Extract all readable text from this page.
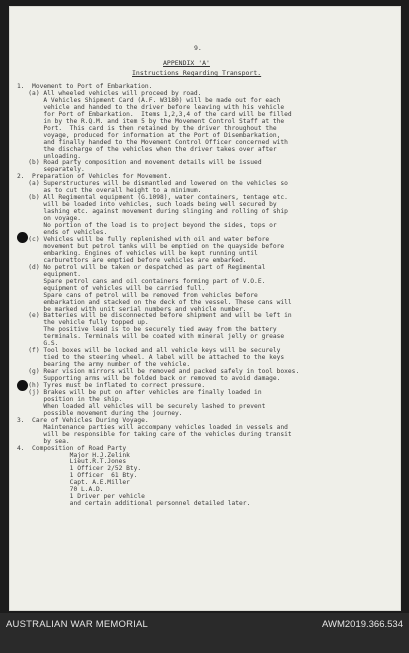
9.
APPENDIX 'A'
Instructions Regarding Transport.

1.  Movement to Port of Embarkation.

(a) All wheeled vehicles will proceed by road.

A Vehicles Shipment Card (A.F. W3180) will be made out for each

vehicle and handed to the driver before leaving with his vehicle

for Port of Embarkation.  Items 1,2,3,4 of the card will be filled

in by the R.Q.M. and item 5 by the Movement Control Staff at the

Port.  This card is then retained by the driver throughout the

voyage, produced for information at the Port of Disembarkation,

and finally handed to the Movement Control Officer concerned with

the discharge of the vehicles when the driver takes over after

unloading.

(b) Road party composition and movement details will be issued

separately.

2.  Preparation of Vehicles for Movement.

(a) Superstructures will be dismantled and lowered on the vehicles so

as to cut the overall height to a minimum.

(b) All Regimental equipment (G.1098), water containers, tentage etc.

will be loaded into vehicles, such loads being well secured by

lashing etc. against movement during slinging and rolling of ship

on voyage.

No portion of the load is to project beyond the sides, tops or

ends of vehicles.

(c) Vehicles will be fully replenished with oil and water before

movement but petrol tanks will be emptied on the quayside before

embarking. Engines of vehicles will be kept running until

carburettors are emptied before vehicles are embarked.

(d) No petrol will be taken or despatched as part of Regimental

equipment.

Spare petrol cans and oil containers forming part of V.O.E.

equipment of vehicles will be carried full.

Spare cans of petrol will be removed from vehicles before

embarkation and stacked on the deck of the vessel. These cans will

be marked with unit serial numbers and vehicle number.

(e) Batteries will be disconnected before shipment and will be left in

the vehicle fully topped up.

The positive lead is to be securely tied away from the battery

terminals. Terminals will be coated with mineral jelly or grease

G.S.

(f) Tool boxes will be locked and all vehicle keys will be securely

tied to the steering wheel. A label will be attached to the keys

bearing the army number of the vehicle.

(g) Rear vision mirrors will be removed and packed safely in tool boxes.

Supporting arms will be folded back or removed to avoid damage.

(h) Tyres must be inflated to correct pressure.

(j) Brakes will be put on after vehicles are finally loaded in

position in the ship.

When loaded all vehicles will be securely lashed to prevent

possible movement during the journey.

3.  Care of Vehicles During Voyage.

Maintenance parties will accompany vehicles loaded in vessels and

will be responsible for taking care of the vehicles during transit

by sea.

4.  Composition of Road Party

Major H.J.Zelink

Lieut.R.T.Jones

1 Officer 2/52 Bty.

1 Officer  61 Bty.

Capt. A.E.Miller

70 L.A.D.

1 Driver per vehicle

and certain additional personnel detailed later.

AUSTRALIAN WAR MEMORIAL	AWM2019.366.534
